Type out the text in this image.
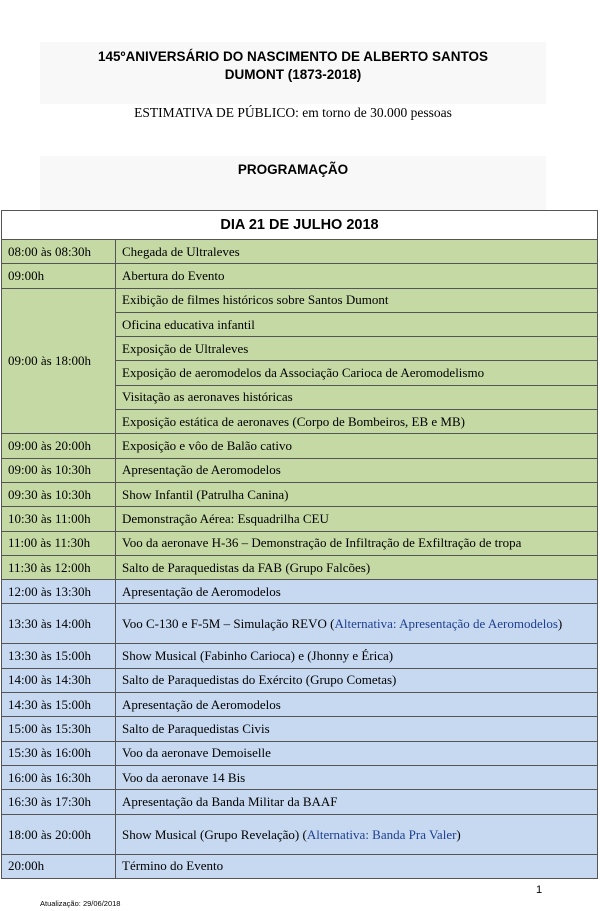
145ºANIVERSÁRIO DO NASCIMENTO DE ALBERTO SANTOS
DUMONT (1873-2018)
ESTIMATIVA DE PÚBLICO: em torno de 30.000 pessoas
PROGRAMAÇÃO
DIA 21 DE JULHO 2018	
08:00 às 08:30h	Chegada de Ultraleves
09:00h	Abertura do Evento
09:00 às 18:00h	Exibição de filmes históricos sobre Santos Dumont
	Oficina educativa infantil
	Exposição de Ultraleves
	Exposição de aeromodelos da Associação Carioca de Aeromodelismo
	Visitação as aeronaves históricas
	Exposição estática de aeronaves (Corpo de Bombeiros, EB e MB)
09:00 às 20:00h	Exposição e vôo de Balão cativo
09:00 às 10:30h	Apresentação de Aeromodelos
09:30 às 10:30h	Show Infantil (Patrulha Canina)
10:30 às 11:00h	Demonstração Aérea: Esquadrilha CEU
11:00 às 11:30h	Voo da aeronave H-36 – Demonstração de Infiltração de Exfiltração de tropa
11:30 às 12:00h	Salto de Paraquedistas da FAB (Grupo Falcões)
12:00 às 13:30h	Apresentação de Aeromodelos
13:30 às 14:00h	Voo C-130 e F-5M – Simulação REVO (Alternativa: Apresentação de Aeromodelos)
13:30 às 15:00h	Show Musical (Fabinho Carioca) e (Jhonny e Érica)
14:00 às 14:30h	Salto de Paraquedistas do Exército (Grupo Cometas)
14:30 às 15:00h	Apresentação de Aeromodelos
15:00 às 15:30h	Salto de Paraquedistas Civis
15:30 às 16:00h	Voo da aeronave Demoiselle
16:00 às 16:30h	Voo da aeronave 14 Bis
16:30 às 17:30h	Apresentação da Banda Militar da BAAF
18:00 às 20:00h	Show Musical (Grupo Revelação) (Alternativa: Banda Pra Valer)
20:00h	Término do Evento
1
Atualização: 29/06/2018
